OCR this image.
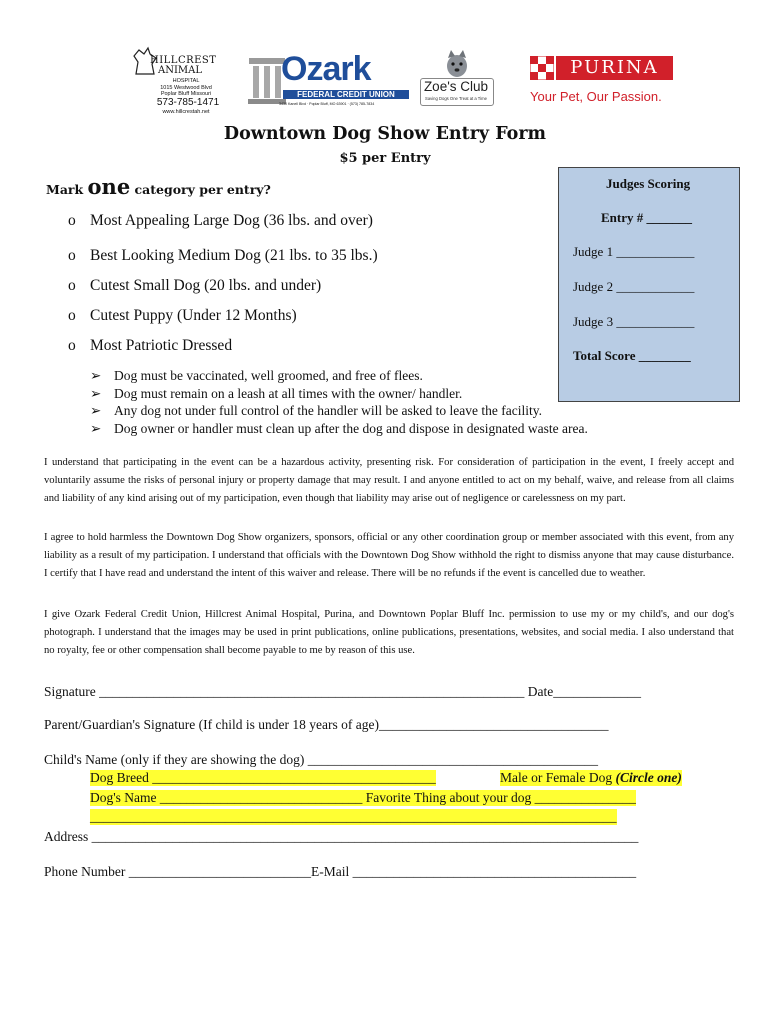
HILLCREST
ANIMAL
HOSPITAL
1015 Westwood Blvd
Poplar Bluff Missouri
573-785-1471
www.hillcrestah.net
Ozark
FEDERAL CREDIT UNION
3430 Kanell Blvd · Poplar Bluff, MO 63901 · (573) 785-7834
Zoe's Club
Saving Dogs One Treat at a Time
PURINA
Your Pet, Our Passion.
Downtown Dog Show Entry Form
$5 per Entry
Mark one category per entry?
o Most Appealing Large Dog (36 lbs. and over)
o Best Looking Medium Dog (21 lbs. to 35 lbs.)
o Cutest Small Dog (20 lbs. and under)
o Cutest Puppy (Under 12 Months)
o Most Patriotic Dressed
Judges Scoring
Entry # _______
Judge 1 ____________
Judge 2 ____________
Judge 3 ____________
Total Score ________
➢ Dog must be vaccinated, well groomed, and free of flees.
➢ Dog must remain on a leash at all times with the owner/ handler.
➢ Any dog not under full control of the handler will be asked to leave the facility.
➢ Dog owner or handler must clean up after the dog and dispose in designated waste area.
I understand that participating in the event can be a hazardous activity, presenting risk. For consideration of participation in the event, I freely accept and voluntarily assume the risks of personal injury or property damage that may result. I and anyone entitled to act on my behalf, waive, and release from all claims and liability of any kind arising out of my participation, even though that liability may arise out of negligence or carelessness on my part.
I agree to hold harmless the Downtown Dog Show organizers, sponsors, official or any other coordination group or member associated with this event, from any liability as a result of my participation. I understand that officials with the Downtown Dog Show withhold the right to dismiss anyone that may cause disturbance. I certify that I have read and understand the intent of this waiver and release. There will be no refunds if the event is cancelled due to weather.
I give Ozark Federal Credit Union, Hillcrest Animal Hospital, Purina, and Downtown Poplar Bluff Inc. permission to use my or my child's, and our dog's photograph. I understand that the images may be used in print publications, online publications, presentations, websites, and social media. I also understand that no royalty, fee or other compensation shall become payable to me by reason of this use.
Signature _______________________________________________________________ Date_____________
Parent/Guardian's Signature (If child is under 18 years of age)__________________________________
Child's Name (only if they are showing the dog) ___________________________________________
Dog Breed __________________________________________	Male or Female Dog (Circle one)
Dog's Name ______________________________ Favorite Thing about your dog _______________
______________________________________________________________________________
Address _________________________________________________________________________________
Phone Number ___________________________E-Mail __________________________________________
